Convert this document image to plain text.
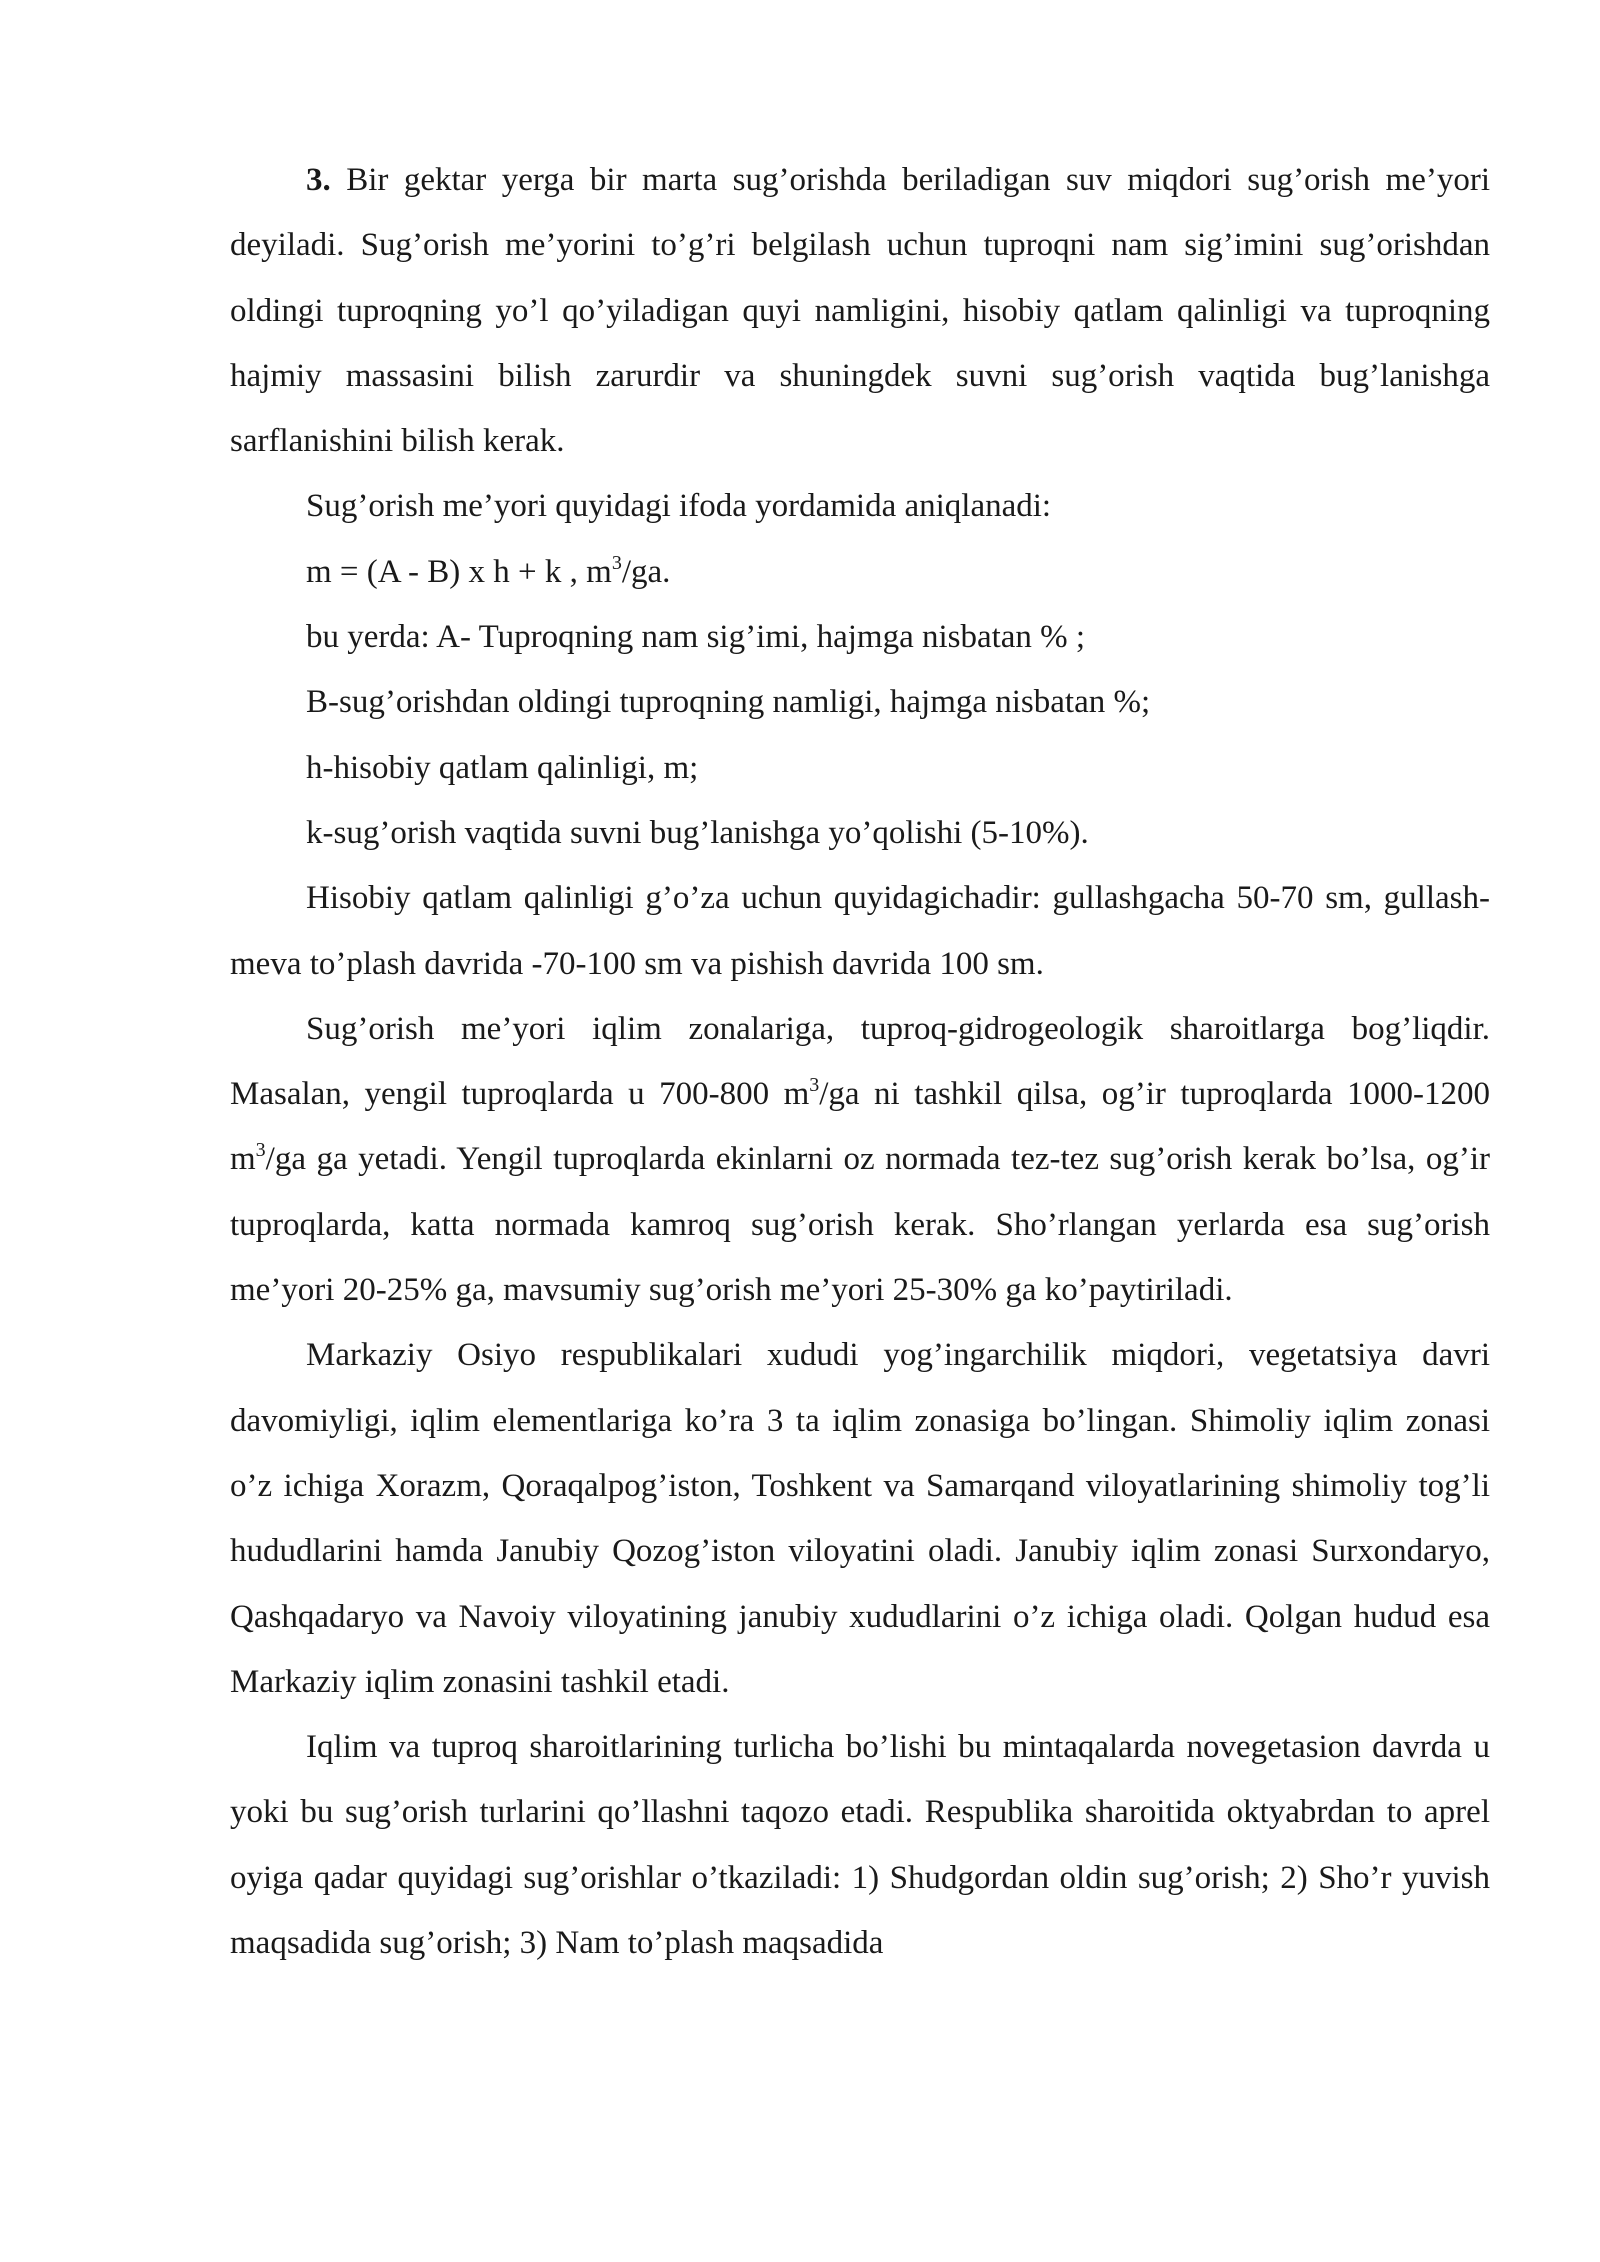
3. Bir gektar yerga bir marta sug’orishda beriladigan suv miqdori sug’orish me’yori deyiladi. Sug’orish me’yorini to’g’ri belgilash uchun tuproqni nam sig’imini sug’orishdan oldingi tuproqning yo’l qo’yiladigan quyi namligini, hisobiy qatlam qalinligi va tuproqning hajmiy massasini bilish zarurdir va shuningdek suvni sug’orish vaqtida bug’lanishga sarflanishini bilish kerak.

Sug’orish me’yori quyidagi ifoda yordamida aniqlanadi:

m = (A - B) x h + k , $m^3/ga$.

bu yerda: A- Tuproqning nam sig’imi, hajmga nisbatan % ;

B-sug’orishdan oldingi tuproqning namligi, hajmga nisbatan %;

h-hisobiy qatlam qalinligi, m;

k-sug’orish vaqtida suvni bug’lanishga yo’qolishi (5-10%).

Hisobiy qatlam qalinligi g’o’za uchun quyidagichadir: gullashgacha 50-70 sm, gullash-meva to’plash davrida -70-100 sm va pishish davrida 100 sm.

Sug’orish me’yori iqlim zonalariga, tuproq-gidrogeologik sharoitlarga bog’liqdir. Masalan, yengil tuproqlarda u 700-800 $m^3/ga$ ni tashkil qilsa, og’ir tuproqlarda 1000-1200 $m^3/ga$ ga yetadi. Yengil tuproqlarda ekinlarni oz normada tez-tez sug’orish kerak bo’lsa, og’ir tuproqlarda, katta normada kamroq sug’orish kerak. Sho’rlangan yerlarda esa sug’orish me’yori 20-25% ga, mavsumiy sug’orish me’yori 25-30% ga ko’paytiriladi.

Markaziy Osiyo respublikalari xududi yog’ingarchilik miqdori, vegetatsiya davri davomiyligi, iqlim elementlariga ko’ra 3 ta iqlim zonasiga bo’lingan. Shimoliy iqlim zonasi o’z ichiga Xorazm, Qoraqalpog’iston, Toshkent va Samarqand viloyatlarining shimoliy tog’li hududlarini hamda Janubiy Qozog’iston viloyatini oladi. Janubiy iqlim zonasi Surxondaryo, Qashqadaryo va Navoiy viloyatining janubiy xududlarini o’z ichiga oladi. Qolgan hudud esa Markaziy iqlim zonasini tashkil etadi.

Iqlim va tuproq sharoitlarining turlicha bo’lishi bu mintaqalarda novegetasion davrda u yoki bu sug’orish turlarini qo’llashni taqozo etadi. Respublika sharoitida oktyabrdan to aprel oyiga qadar quyidagi sug’orishlar o’tkaziladi: 1) Shudgordan oldin sug’orish; 2) Sho’r yuvish maqsadida sug’orish; 3) Nam to’plash maqsadida
